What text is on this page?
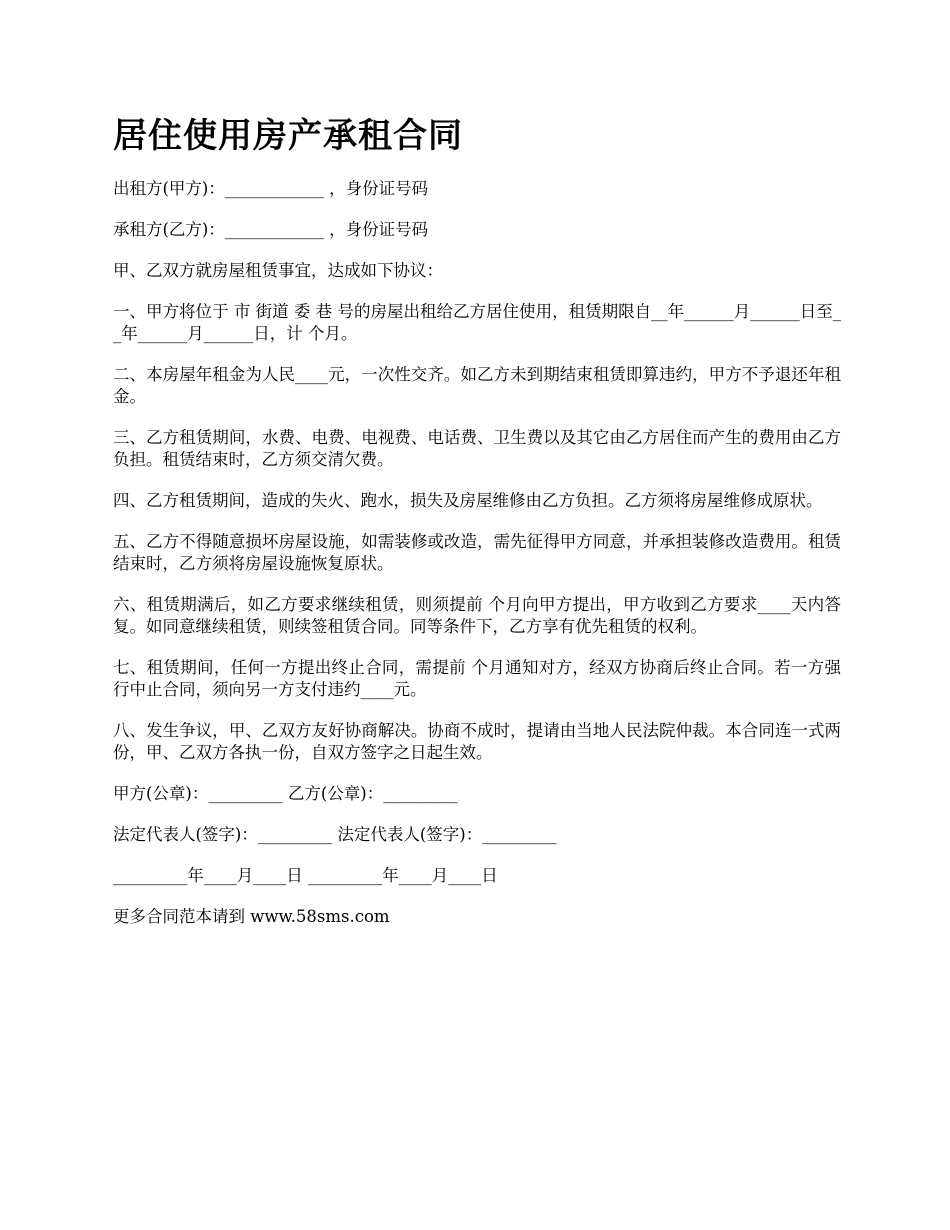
居住使用房产承租合同

出租方(甲方)：____________ ，身份证号码

承租方(乙方)：____________ ，身份证号码

甲、乙双方就房屋租赁事宜，达成如下协议：

一、甲方将位于 市 街道 委 巷 号的房屋出租给乙方居住使用，租赁期限自__年______月______日至__年______月______日，计 个月。

二、本房屋年租金为人民____元，一次性交齐。如乙方未到期结束租赁即算违约，甲方不予退还年租金。

三、乙方租赁期间，水费、电费、电视费、电话费、卫生费以及其它由乙方居住而产生的费用由乙方负担。租赁结束时，乙方须交清欠费。

四、乙方租赁期间，造成的失火、跑水，损失及房屋维修由乙方负担。乙方须将房屋维修成原状。

五、乙方不得随意损坏房屋设施，如需装修或改造，需先征得甲方同意，并承担装修改造费用。租赁结束时，乙方须将房屋设施恢复原状。

六、租赁期满后，如乙方要求继续租赁，则须提前 个月向甲方提出，甲方收到乙方要求____天内答复。如同意继续租赁，则续签租赁合同。同等条件下，乙方享有优先租赁的权利。

七、租赁期间，任何一方提出终止合同，需提前 个月通知对方，经双方协商后终止合同。若一方强行中止合同，须向另一方支付违约____元。

八、发生争议，甲、乙双方友好协商解决。协商不成时，提请由当地人民法院仲裁。本合同连一式两份，甲、乙双方各执一份，自双方签字之日起生效。

甲方(公章)：_________ 乙方(公章)：_________

法定代表人(签字)：_________ 法定代表人(签字)：_________

_________年____月____日 _________年____月____日

更多合同范本请到 www.58sms.com
